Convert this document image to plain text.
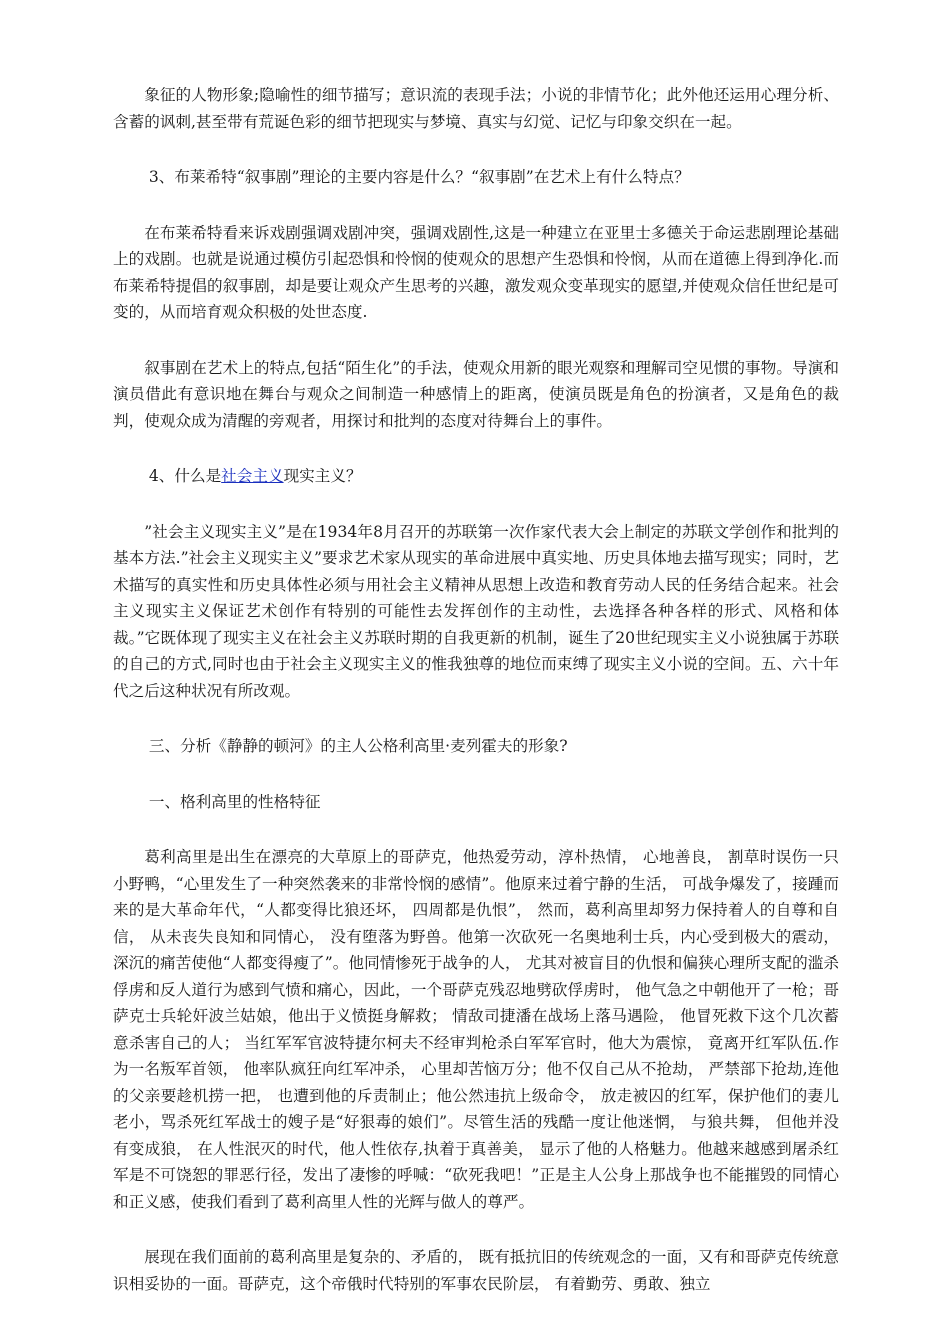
象征的人物形象;隐喻性的细节描写；意识流的表现手法；小说的非情节化；此外他还运用心理分析、含蓄的讽刺,甚至带有荒诞色彩的细节把现实与梦境、真实与幻觉、记忆与印象交织在一起。

3、布莱希特“叙事剧”理论的主要内容是什么？“叙事剧”在艺术上有什么特点？

在布莱希特看来诉戏剧强调戏剧冲突，强调戏剧性,这是一种建立在亚里士多德关于命运悲剧理论基础上的戏剧。也就是说通过模仿引起恐惧和怜悯的使观众的思想产生恐惧和怜悯，从而在道德上得到净化.而布莱希特提倡的叙事剧，却是要让观众产生思考的兴趣，激发观众变革现实的愿望,并使观众信任世纪是可变的，从而培育观众积极的处世态度.

叙事剧在艺术上的特点,包括“陌生化”的手法，使观众用新的眼光观察和理解司空见惯的事物。导演和演员借此有意识地在舞台与观众之间制造一种感情上的距离，使演员既是角色的扮演者，又是角色的裁判，使观众成为清醒的旁观者，用探讨和批判的态度对待舞台上的事件。

4、什么是社会主义现实主义？

”社会主义现实主义”是在1934年8月召开的苏联第一次作家代表大会上制定的苏联文学创作和批判的基本方法.”社会主义现实主义”要求艺术家从现实的革命进展中真实地、历史具体地去描写现实；同时，艺术描写的真实性和历史具体性必须与用社会主义精神从思想上改造和教育劳动人民的任务结合起来。社会主义现实主义保证艺术创作有特别的可能性去发挥创作的主动性，去选择各种各样的形式、风格和体裁。”它既体现了现实主义在社会主义苏联时期的自我更新的机制，诞生了20世纪现实主义小说独属于苏联的自己的方式,同时也由于社会主义现实主义的惟我独尊的地位而束缚了现实主义小说的空间。五、六十年代之后这种状况有所改观。

三、分析《静静的顿河》的主人公格利高里·麦列霍夫的形象?

一、格利高里的性格特征

葛利高里是出生在漂亮的大草原上的哥萨克，他热爱劳动，淳朴热情， 心地善良， 割草时误伤一只小野鸭，“心里发生了一种突然袭来的非常怜悯的感情”。他原来过着宁静的生活， 可战争爆发了，接踵而来的是大革命年代，“人都变得比狼还坏， 四周都是仇恨”， 然而，葛利高里却努力保持着人的自尊和自信， 从未丧失良知和同情心， 没有堕落为野兽。他第一次砍死一名奥地利士兵，内心受到极大的震动， 深沉的痛苦使他“人都变得瘦了”。他同情惨死于战争的人， 尤其对被盲目的仇恨和偏狭心理所支配的滥杀俘虏和反人道行为感到气愤和痛心，因此，一个哥萨克残忍地劈砍俘虏时， 他气急之中朝他开了一枪；哥萨克士兵轮奸波兰姑娘，他出于义愤挺身解救； 情敌司捷潘在战场上落马遇险， 他冒死救下这个几次蓄意杀害自己的人； 当红军军官波特捷尔柯夫不经审判枪杀白军军官时，他大为震惊， 竟离开红军队伍.作为一名叛军首领， 他率队疯狂向红军冲杀， 心里却苦恼万分；他不仅自己从不抢劫， 严禁部下抢劫,连他的父亲要趁机捞一把， 也遭到他的斥责制止；他公然违抗上级命令， 放走被囚的红军，保护他们的妻儿老小，骂杀死红军战士的嫂子是“好狠毒的娘们”。尽管生活的残酷一度让他迷惘， 与狼共舞， 但他并没有变成狼， 在人性泯灭的时代，他人性依存,执着于真善美， 显示了他的人格魅力。他越来越感到屠杀红军是不可饶恕的罪恶行径，发出了凄惨的呼喊：“砍死我吧！”正是主人公身上那战争也不能摧毁的同情心和正义感，使我们看到了葛利高里人性的光辉与做人的尊严。

展现在我们面前的葛利高里是复杂的、矛盾的， 既有抵抗旧的传统观念的一面，又有和哥萨克传统意识相妥协的一面。哥萨克，这个帝俄时代特别的军事农民阶层， 有着勤劳、勇敢、独立
